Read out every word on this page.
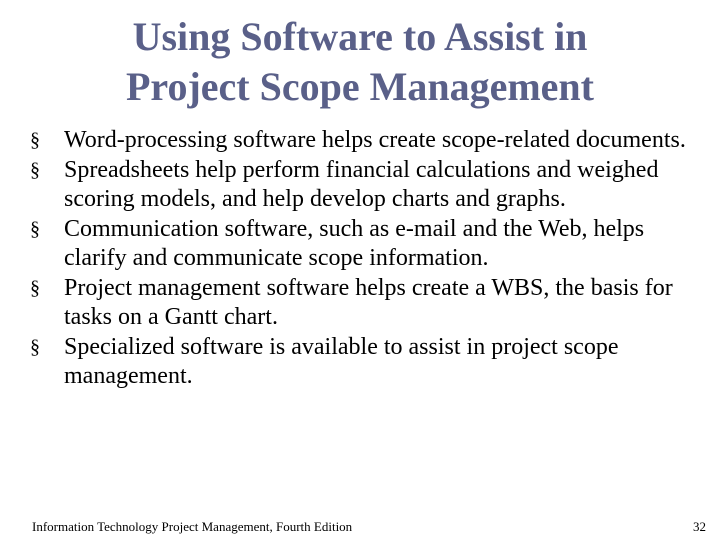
Using Software to Assist in
Project Scope Management
§ Word-processing software helps create scope-related documents.
§ Spreadsheets help perform financial calculations and weighed scoring models, and help develop charts and graphs.
§ Communication software, such as e-mail and the Web, helps clarify and communicate scope information.
§ Project management software helps create a WBS, the basis for tasks on a Gantt chart.
§ Specialized software is available to assist in project scope management.
Information Technology Project Management, Fourth Edition	32
